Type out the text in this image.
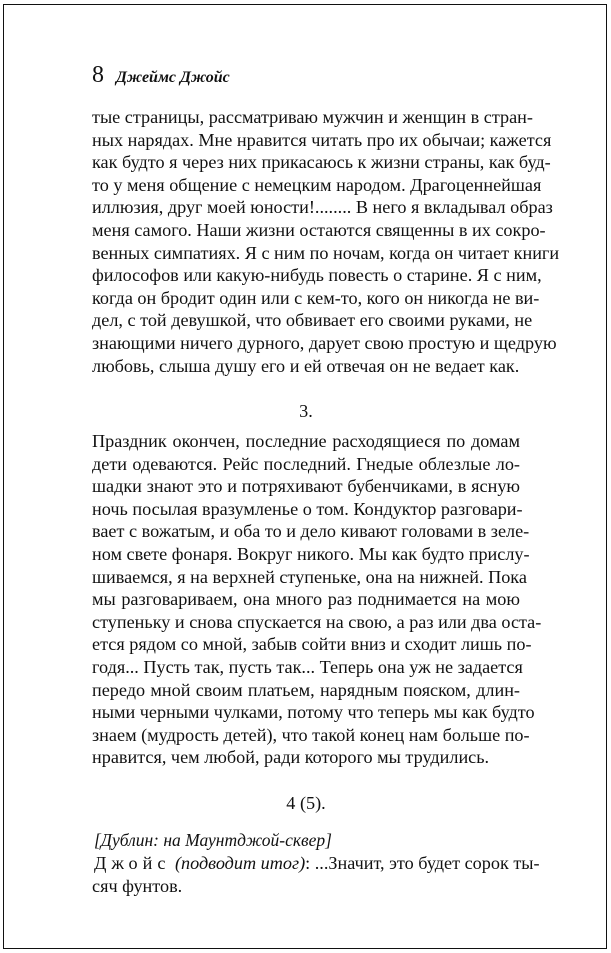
8 Джеймс Джойс
тые страницы, рассматриваю мужчин и женщин в стран-
ных нарядах. Мне нравится читать про их обычаи; кажется
как будто я через них прикасаюсь к жизни страны, как буд-
то у меня общение с немецким народом. Драгоценнейшая
иллюзия, друг моей юности!........ В него я вкладывал образ
меня самого. Наши жизни остаются священны в их сокро-
венных симпатиях. Я с ним по ночам, когда он читает книги
философов или какую-нибудь повесть о старине. Я с ним,
когда он бродит один или с кем-то, кого он никогда не ви-
дел, с той девушкой, что обвивает его своими руками, не
знающими ничего дурного, дарует свою простую и щедрую
любовь, слыша душу его и ей отвечая он не ведает как.
3.
Праздник окончен, последние расходящиеся по домам
дети одеваются. Рейс последний. Гнедые облезлые ло-
шадки знают это и потряхивают бубенчиками, в ясную
ночь посылая вразумленье о том. Кондуктор разговари-
вает с вожатым, и оба то и дело кивают головами в зеле-
ном свете фонаря. Вокруг никого. Мы как будто прислу-
шиваемся, я на верхней ступеньке, она на нижней. Пока
мы разговариваем, она много раз поднимается на мою
ступеньку и снова спускается на свою, а раз или два оста-
ется рядом со мной, забыв сойти вниз и сходит лишь по-
годя... Пусть так, пусть так... Теперь она уж не задается
передо мной своим платьем, нарядным пояском, длин-
ными черными чулками, потому что теперь мы как будто
знаем (мудрость детей), что такой конец нам больше по-
нравится, чем любой, ради которого мы трудились.
4 (5).
[Дублин: на Маунтджой-сквер]
Джойс (подводит итог): ...Значит, это будет сорок ты-
сяч фунтов.
